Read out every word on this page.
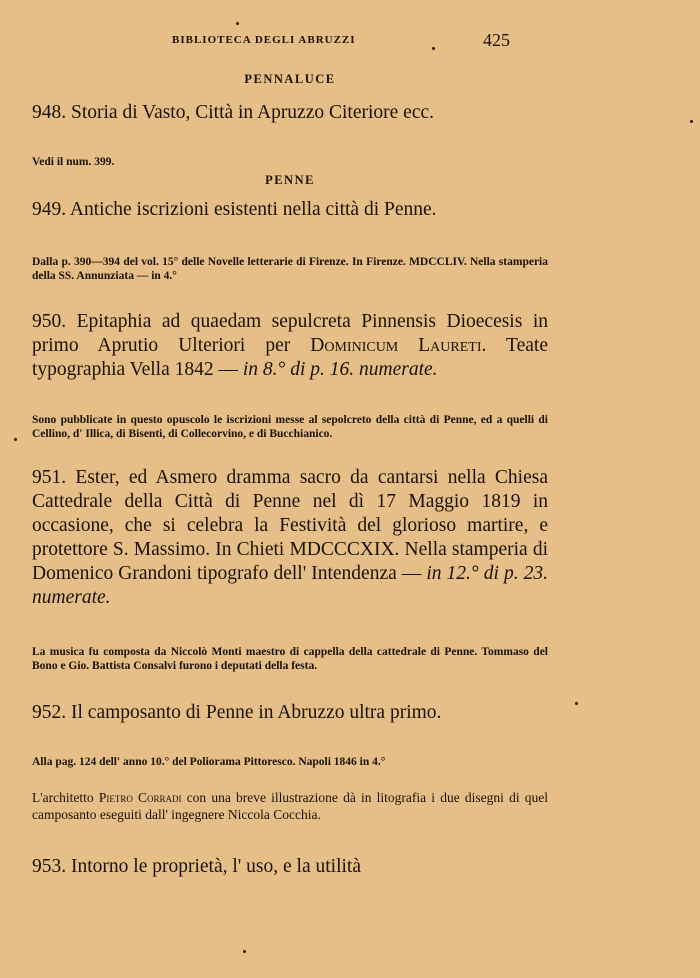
BIBLIOTECA DEGLI ABRUZZI	425
PENNALUCE
948. Storia di Vasto, Città in Apruzzo Citeriore ecc.
Vedi il num. 399.
PENNE
949. Antiche iscrizioni esistenti nella città di Penne.
Dalla p. 390—394 del vol. 15° delle Novelle letterarie di Firenze. In Firenze. MDCCLIV. Nella stamperia della SS. Annunziata — in 4.°
950. Epitaphia ad quaedam sepulcreta Pinnensis Dioecesis in primo Aprutio Ulteriori per Dominicum Laureti. Teate typographia Vella 1842 — in 8.° di p. 16. numerate.
Sono pubblicate in questo opuscolo le iscrizioni messe al sepolcreto della città di Penne, ed a quelli di Cellino, d' Illica, di Bisenti, di Collecorvino, e di Bucchianico.
951. Ester, ed Asmero dramma sacro da cantarsi nella Chiesa Cattedrale della Città di Penne nel dì 17 Maggio 1819 in occasione, che si celebra la Festività del glorioso martire, e protettore S. Massimo. In Chieti MDCCCXIX. Nella stamperia di Domenico Grandoni tipografo dell' Intendenza — in 12.° di p. 23. numerate.
La musica fu composta da Niccolò Monti maestro di cappella della cattedrale di Penne. Tommaso del Bono e Gio. Battista Consalvi furono i deputati della festa.
952. Il camposanto di Penne in Abruzzo ultra primo.
Alla pag. 124 dell' anno 10.° del Poliorama Pittoresco. Napoli 1846 in 4.°
L'architetto Pietro Corradi con una breve illustrazione dà in litografia i due disegni di quel camposanto eseguiti dall' ingegnere Niccola Cocchia.
953. Intorno le proprietà, l' uso, e la utilità
